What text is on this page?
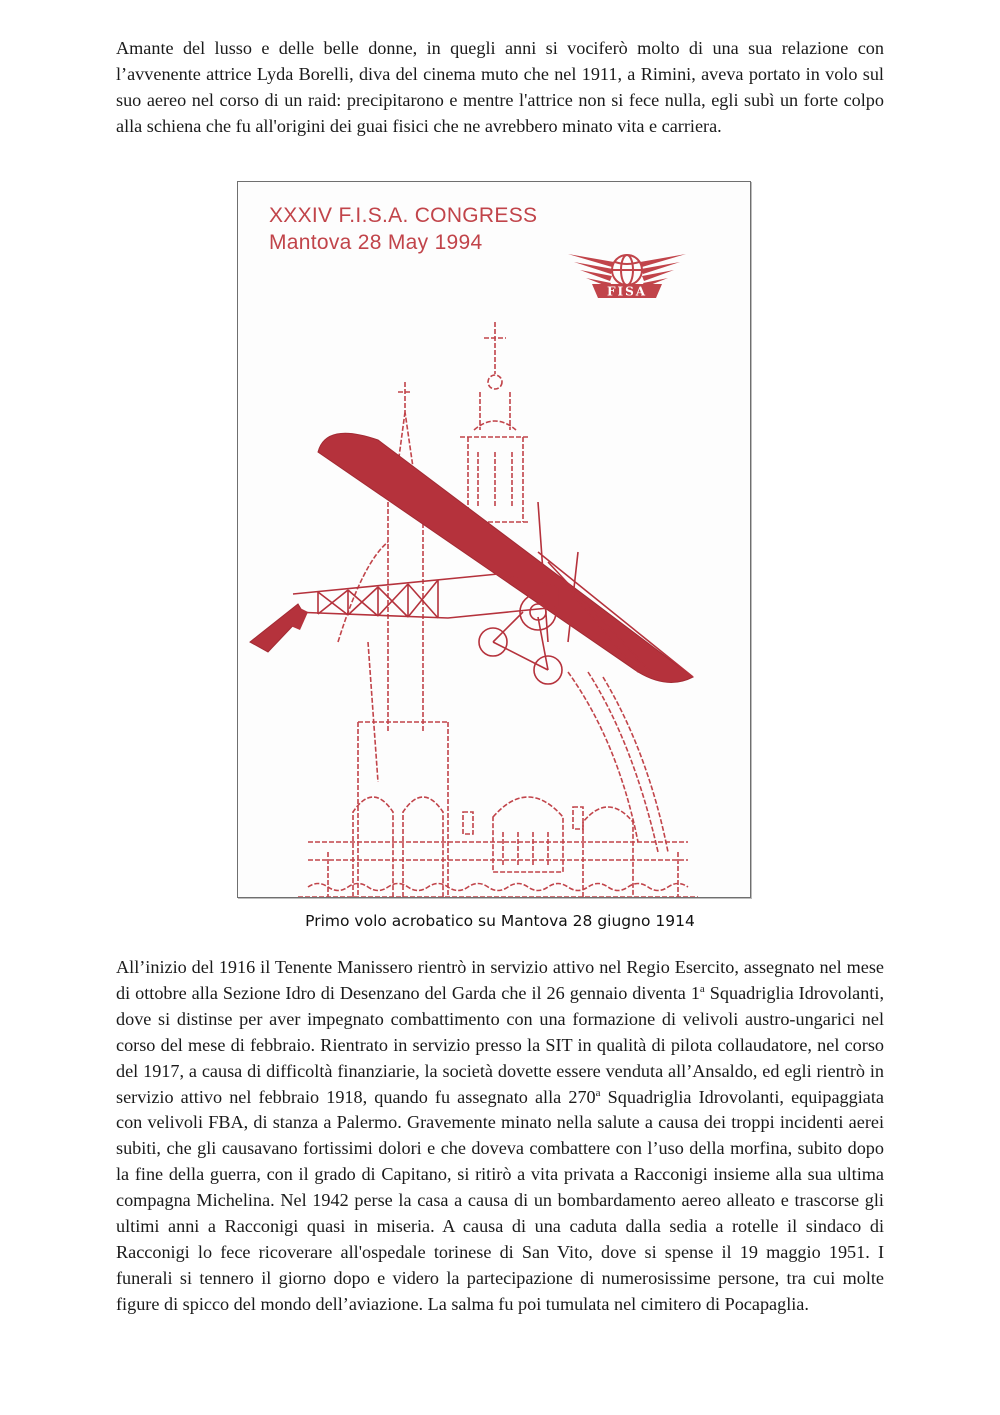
Amante del lusso e delle belle donne, in quegli anni si vociferò molto di una sua relazione con l’avvenente attrice Lyda Borelli, diva del cinema muto che nel 1911, a Rimini, aveva portato in volo sul suo aereo nel corso di un raid: precipitarono e mentre l'attrice non si fece nulla, egli subì un forte colpo alla schiena che fu all'origini dei guai fisici che ne avrebbero minato vita e carriera.

XXXIV F.I.S.A. CONGRESS
Mantova 28 May 1994
FISA
Primo volo acrobatico su Mantova 28 giugno 1914

All’inizio del 1916 il Tenente Manissero rientrò in servizio attivo nel Regio Esercito, assegnato nel mese di ottobre alla Sezione Idro di Desenzano del Garda che il 26 gennaio diventa 1$^a$ Squadriglia Idrovolanti, dove si distinse per aver impegnato combattimento con una formazione di velivoli austro-ungarici nel corso del mese di febbraio. Rientrato in servizio presso la SIT in qualità di pilota collaudatore, nel corso del 1917, a causa di difficoltà finanziarie, la società dovette essere venduta all’Ansaldo, ed egli rientrò in servizio attivo nel febbraio 1918, quando fu assegnato alla 270$^a$ Squadriglia Idrovolanti, equipaggiata con velivoli FBA, di stanza a Palermo. Gravemente minato nella salute a causa dei troppi incidenti aerei subiti, che gli causavano fortissimi dolori e che doveva combattere con l’uso della morfina, subito dopo la fine della guerra, con il grado di Capitano, si ritirò a vita privata a Racconigi insieme alla sua ultima compagna Michelina. Nel 1942 perse la casa a causa di un bombardamento aereo alleato e trascorse gli ultimi anni a Racconigi quasi in miseria. A causa di una caduta dalla sedia a rotelle il sindaco di Racconigi lo fece ricoverare all'ospedale torinese di San Vito, dove si spense il 19 maggio 1951. I funerali si tennero il giorno dopo e videro la partecipazione di numerosissime persone, tra cui molte figure di spicco del mondo dell’aviazione. La salma fu poi tumulata nel cimitero di Pocapaglia.
